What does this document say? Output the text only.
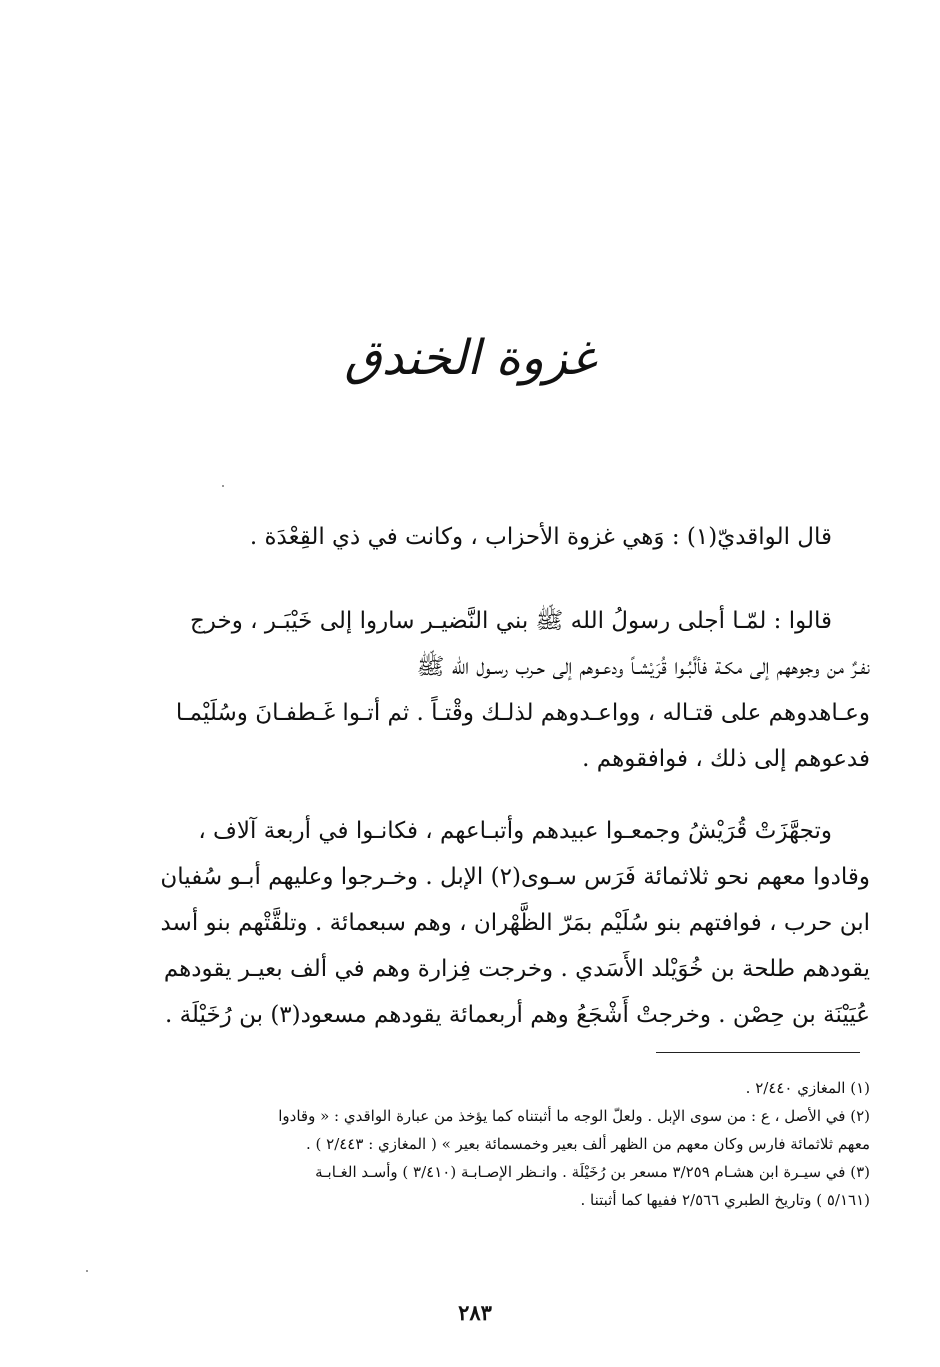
غزوة الخندق
قال الواقديّ(١) : وَهي غزوة الأحزاب ، وكانت في ذي القِعْدَة .
قالوا : لمّـا أجلى رسولُ الله ﷺ بني النَّضيـر ساروا إلى خَيْبَـر ، وخرج
نفـرٌ من وجوههم إلى مكـة فألَّبُـوا قُرَيْشـاً ودعـوهم إلى حـرب رسـول الله ﷺ
وعـاهدوهم على قتـاله ، وواعـدوهم لذلـك وقْتـاً . ثم أتـوا غَـطفـانَ وسُلَيْمـا
فدعوهم إلى ذلك ، فوافقوهم .
وتجهَّزَتْ قُرَيْشُ وجمعـوا عبيدهم وأتبـاعهم ، فكانـوا في أربعة آلاف ،
وقادوا معهم نحو ثلاثمائة فَرَس سـوى(٢) الإبل . وخـرجوا وعليهم أبـو سُفيان
ابن حرب ، فوافتهم بنو سُلَيْم بمَرّ الظَّهْران ، وهم سبعمائة . وتلقَّتْهم بنو أسد
يقودهم طلحة بن خُوَيْلد الأَسَدي . وخرجت فِزارة وهم في ألف بعيـر يقودهم
عُيَيْنَة بن حِصْن . وخرجتْ أَشْجَعُ وهم أربعمائة يقودهم مسعود(٣) بن رُخَيْلَة .
(١) المغازي ٢/٤٤٠ .
(٢) في الأصل ، ع : من سوى الإبل . ولعلّ الوجه ما أثبتناه كما يؤخذ من عبارة الواقدي : « وقادوا
معهم ثلاثمائة فارس وكان معهم من الظهر ألف بعير وخمسمائة بعير » ( المغازي : ٢/٤٤٣ ) .
(٣) في سيـرة ابن هشـام ٣/٢٥٩ مسعر بن رُخَيْلَة . وانـظر الإصـابـة (٣/٤١٠ ) وأسـد الغـابـة
(٥/١٦١ ) وتاريخ الطبري ٢/٥٦٦ ففيها كما أثبتنا .
٢٨٣
